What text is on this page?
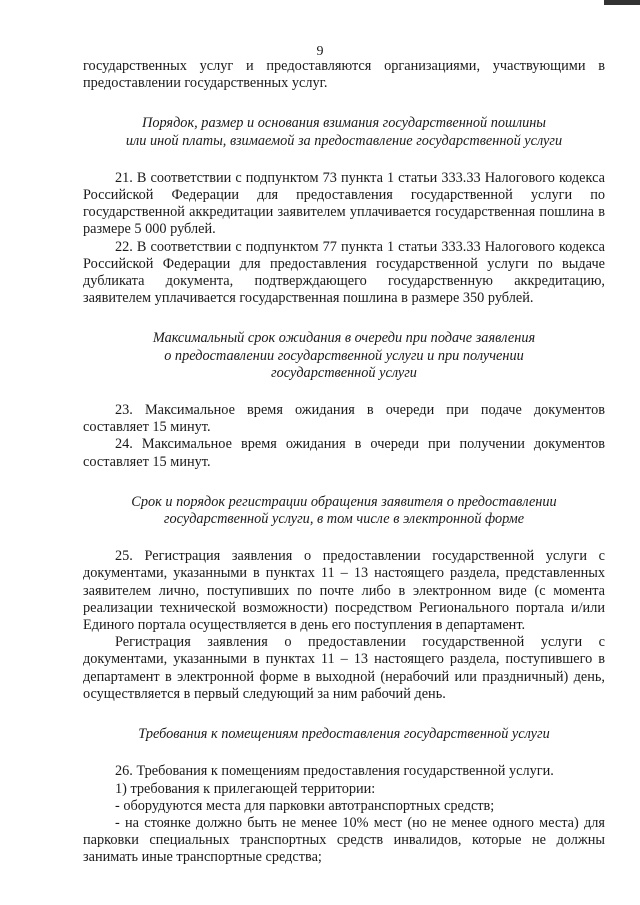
9

государственных услуг и предоставляются организациями, участвующими в предоставлении государственных услуг.

Порядок, размер и основания взимания государственной пошлины
или иной платы, взимаемой за предоставление государственной услуги

21. В соответствии с подпунктом 73 пункта 1 статьи 333.33 Налогового кодекса Российской Федерации для предоставления государственной услуги по государственной аккредитации заявителем уплачивается государственная пошлина в размере 5 000 рублей.

22. В соответствии с подпунктом 77 пункта 1 статьи 333.33 Налогового кодекса Российской Федерации для предоставления государственной услуги по выдаче дубликата документа, подтверждающего государственную аккредитацию, заявителем уплачивается государственная пошлина в размере 350 рублей.

Максимальный срок ожидания в очереди при подаче заявления
о предоставлении государственной услуги и при получении
государственной услуги

23. Максимальное время ожидания в очереди при подаче документов составляет 15 минут.

24. Максимальное время ожидания в очереди при получении документов составляет 15 минут.

Срок и порядок регистрации обращения заявителя о предоставлении
государственной услуги, в том числе в электронной форме

25. Регистрация заявления о предоставлении государственной услуги с документами, указанными в пунктах 11 – 13 настоящего раздела, представленных заявителем лично, поступивших по почте либо в электронном виде (с момента реализации технической возможности) посредством Регионального портала и/или Единого портала осуществляется в день его поступления в департамент.

Регистрация заявления о предоставлении государственной услуги с документами, указанными в пунктах 11 – 13 настоящего раздела, поступившего в департамент в электронной форме в выходной (нерабочий или праздничный) день, осуществляется в первый следующий за ним рабочий день.

Требования к помещениям предоставления государственной услуги

26. Требования к помещениям предоставления государственной услуги.

1) требования к прилегающей территории:

- оборудуются места для парковки автотранспортных средств;

- на стоянке должно быть не менее 10% мест (но не менее одного места) для парковки специальных транспортных средств инвалидов, которые не должны занимать иные транспортные средства;
